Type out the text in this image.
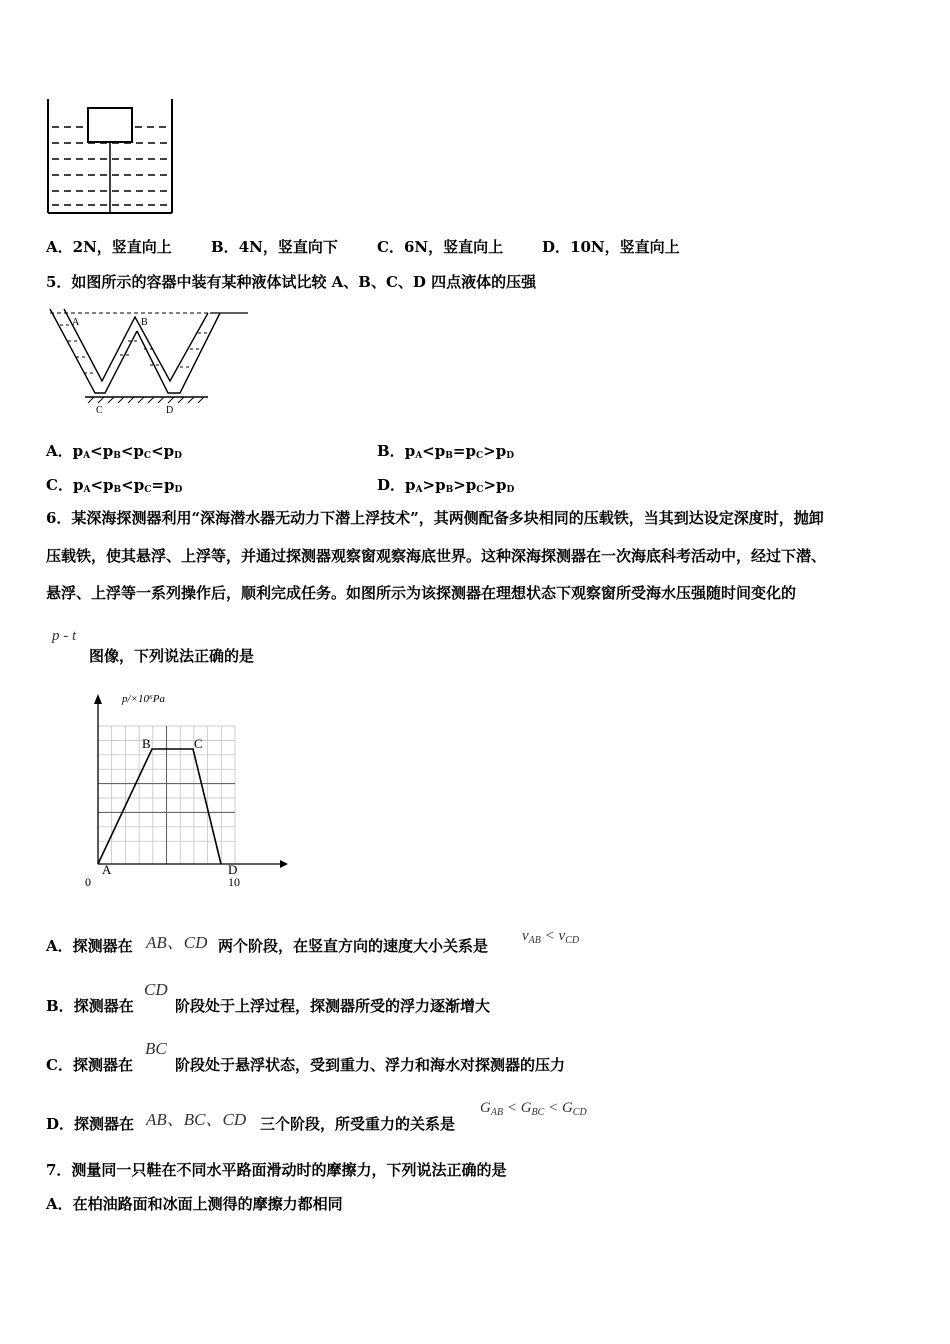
A．2N，竖直向上	B．4N，竖直向下	C．6N，竖直向上	D．10N，竖直向上
5．如图所示的容器中装有某种液体试比较 A、B、C、D 四点液体的压强
A	B
C	D
A．$p_A<p_B<p_C<p_D$	B．$p_A<p_B=p_C>p_D$
C．$p_A<p_B<p_C=p_D$	D．$p_A>p_B>p_C>p_D$
6．某深海探测器利用“深海潜水器无动力下潜上浮技术”，其两侧配备多块相同的压载铁，当其到达设定深度时，抛卸
压载铁，使其悬浮、上浮等，并通过探测器观察窗观察海底世界。这种深海探测器在一次海底科考活动中，经过下潜、
悬浮、上浮等一系列操作后，顺利完成任务。如图所示为该探测器在理想状态下观察窗所受海水压强随时间变化的
p - t
图像，下列说法正确的是
p/×10⁶Pa
A
B	C
D
0	10
A．探测器在 AB、CD 两个阶段，在竖直方向的速度大小关系是
$v_{AB} < v_{CD}$
B．探测器在
CD
阶段处于上浮过程，探测器所受的浮力逐渐增大
C．探测器在
BC
阶段处于悬浮状态，受到重力、浮力和海水对探测器的压力
D．探测器在 AB、BC、CD 三个阶段，所受重力的关系是
$G_{AB} < G_{BC} < G_{CD}$
7．测量同一只鞋在不同水平路面滑动时的摩擦力，下列说法正确的是
A．在柏油路面和冰面上测得的摩擦力都相同
